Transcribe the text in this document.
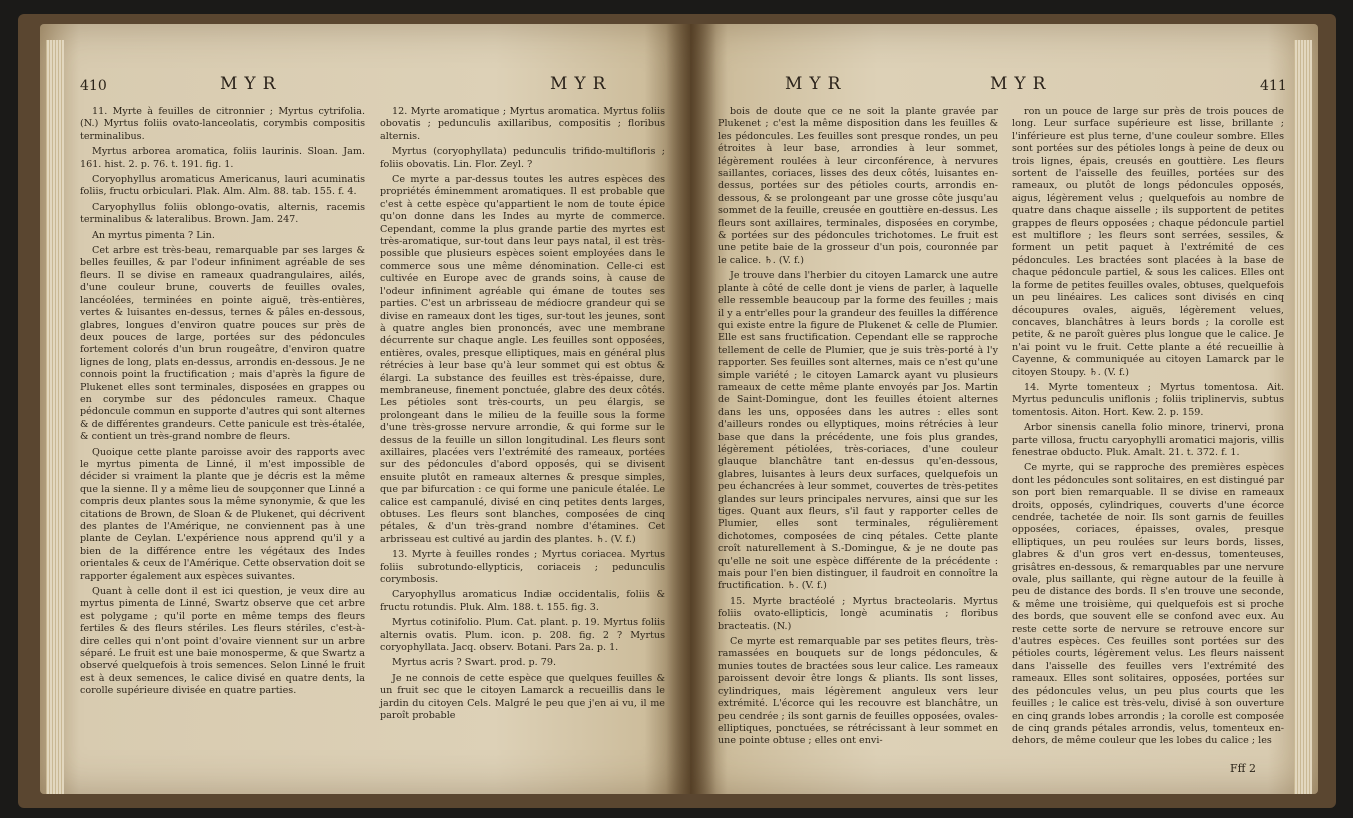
410	MYR	MYR

11. Myrte à feuilles de citronnier ; Myrtus cytrifolia. (N.) Myrtus foliis ovato-lanceolatis, corymbis compositis terminalibus.

Myrtus arborea aromatica, foliis laurinis. Sloan. Jam. 161. hist. 2. p. 76. t. 191. fig. 1.

Coryophyllus aromaticus Americanus, lauri acuminatis foliis, fructu orbiculari. Plak. Alm. Alm. 88. tab. 155. f. 4.

Caryophyllus foliis oblongo-ovatis, alternis, racemis terminalibus & lateralibus. Brown. Jam. 247.

An myrtus pimenta ? Lin.

Cet arbre est très-beau, remarquable par ses larges & belles feuilles, & par l'odeur infiniment agréable de ses fleurs. Il se divise en rameaux quadrangulaires, ailés, d'une couleur brune, couverts de feuilles ovales, lancéolées, terminées en pointe aiguë, très-entières, vertes & luisantes en-dessus, ternes & pâles en-dessous, glabres, longues d'environ quatre pouces sur près de deux pouces de large, portées sur des pédoncules fortement colorés d'un brun rougeâtre, d'environ quatre lignes de long, plats en-dessus, arrondis en-dessous. Je ne connois point la fructification ; mais d'après la figure de Plukenet elles sont terminales, disposées en grappes ou en corymbe sur des pédoncules rameux. Chaque pédoncule commun en supporte d'autres qui sont alternes & de différentes grandeurs. Cette panicule est très-étalée, & contient un très-grand nombre de fleurs.

Quoique cette plante paroisse avoir des rapports avec le myrtus pimenta de Linné, il m'est impossible de décider si vraiment la plante que je décris est la même que la sienne. Il y a même lieu de soupçonner que Linné a compris deux plantes sous la même synonymie, & que les citations de Brown, de Sloan & de Plukenet, qui décrivent des plantes de l'Amérique, ne conviennent pas à une plante de Ceylan. L'expérience nous apprend qu'il y a bien de la différence entre les végétaux des Indes orientales & ceux de l'Amérique. Cette observation doit se rapporter également aux espèces suivantes.

Quant à celle dont il est ici question, je veux dire au myrtus pimenta de Linné, Swartz observe que cet arbre est polygame ; qu'il porte en même temps des fleurs fertiles & des fleurs stériles. Les fleurs stériles, c'est-à-dire celles qui n'ont point d'ovaire viennent sur un arbre séparé. Le fruit est une baie monosperme, & que Swartz a observé quelquefois à trois semences. Selon Linné le fruit est à deux semences, le calice divisé en quatre dents, la corolle supérieure divisée en quatre parties.

12. Myrte aromatique ; Myrtus aromatica. Myrtus foliis obovatis ; pedunculis axillaribus, compositis ; floribus alternis.

Myrtus (coryophyllata) pedunculis trifido-multifloris ; foliis obovatis. Lin. Flor. Zeyl. ?

Ce myrte a par-dessus toutes les autres espèces des propriétés éminemment aromatiques. Il est probable que c'est à cette espèce qu'appartient le nom de toute épice qu'on donne dans les Indes au myrte de commerce. Cependant, comme la plus grande partie des myrtes est très-aromatique, sur-tout dans leur pays natal, il est très-possible que plusieurs espèces soient employées dans le commerce sous une même dénomination. Celle-ci est cultivée en Europe avec de grands soins, à cause de l'odeur infiniment agréable qui émane de toutes ses parties. C'est un arbrisseau de médiocre grandeur qui se divise en rameaux dont les tiges, sur-tout les jeunes, sont à quatre angles bien prononcés, avec une membrane décurrente sur chaque angle. Les feuilles sont opposées, entières, ovales, presque elliptiques, mais en général plus rétrécies à leur base qu'à leur sommet qui est obtus & élargi. La substance des feuilles est très-épaisse, dure, membraneuse, finement ponctuée, glabre des deux côtés. Les pétioles sont très-courts, un peu élargis, se prolongeant dans le milieu de la feuille sous la forme d'une très-grosse nervure arrondie, & qui forme sur le dessus de la feuille un sillon longitudinal. Les fleurs sont axillaires, placées vers l'extrémité des rameaux, portées sur des pédoncules d'abord opposés, qui se divisent ensuite plutôt en rameaux alternes & presque simples, que par bifurcation : ce qui forme une panicule étalée. Le calice est campanulé, divisé en cinq petites dents larges, obtuses. Les fleurs sont blanches, composées de cinq pétales, & d'un très-grand nombre d'étamines. Cet arbrisseau est cultivé au jardin des plantes. ♄. (V. f.)

13. Myrte à feuilles rondes ; Myrtus coriacea. Myrtus foliis subrotundo-ellypticis, coriaceis ; pedunculis corymbosis.

Caryophyllus aromaticus Indiæ occidentalis, foliis & fructu rotundis. Pluk. Alm. 188. t. 155. fig. 3.

Myrtus cotinifolio. Plum. Cat. plant. p. 19. Myrtus foliis alternis ovatis. Plum. icon. p. 208. fig. 2 ? Myrtus coryophyllata. Jacq. observ. Botani. Pars 2a. p. 1.

Myrtus acris ? Swart. prod. p. 79.

Je ne connois de cette espèce que quelques feuilles & un fruit sec que le citoyen Lamarck a recueillis dans le jardin du citoyen Cels. Malgré le peu que j'en ai vu, il me paroît probable

MYR	MYR	411

bois de doute que ce ne soit la plante gravée par Plukenet ; c'est la même disposition dans les feuilles & les pédoncules. Les feuilles sont presque rondes, un peu étroites à leur base, arrondies à leur sommet, légèrement roulées à leur circonférence, à nervures saillantes, coriaces, lisses des deux côtés, luisantes en-dessus, portées sur des pétioles courts, arrondis en-dessous, & se prolongeant par une grosse côte jusqu'au sommet de la feuille, creusée en gouttière en-dessus. Les fleurs sont axillaires, terminales, disposées en corymbe, & portées sur des pédoncules trichotomes. Le fruit est une petite baie de la grosseur d'un pois, couronnée par le calice. ♄. (V. f.)

Je trouve dans l'herbier du citoyen Lamarck une autre plante à côté de celle dont je viens de parler, à laquelle elle ressemble beaucoup par la forme des feuilles ; mais il y a entr'elles pour la grandeur des feuilles la différence qui existe entre la figure de Plukenet & celle de Plumier. Elle est sans fructification. Cependant elle se rapproche tellement de celle de Plumier, que je suis très-porté à l'y rapporter. Ses feuilles sont alternes, mais ce n'est qu'une simple variété ; le citoyen Lamarck ayant vu plusieurs rameaux de cette même plante envoyés par Jos. Martin de Saint-Domingue, dont les feuilles étoient alternes dans les uns, opposées dans les autres : elles sont d'ailleurs rondes ou ellyptiques, moins rétrécies à leur base que dans la précédente, une fois plus grandes, légèrement pétiolées, très-coriaces, d'une couleur glauque blanchâtre tant en-dessus qu'en-dessous, glabres, luisantes à leurs deux surfaces, quelquefois un peu échancrées à leur sommet, couvertes de très-petites glandes sur leurs principales nervures, ainsi que sur les tiges. Quant aux fleurs, s'il faut y rapporter celles de Plumier, elles sont terminales, régulièrement dichotomes, composées de cinq pétales. Cette plante croît naturellement à S.-Domingue, & je ne doute pas qu'elle ne soit une espèce différente de la précédente : mais pour l'en bien distinguer, il faudroit en connoître la fructification. ♄. (V. f.)

15. Myrte bractéolé ; Myrtus bracteolaris. Myrtus foliis ovato-ellipticis, longè acuminatis ; floribus bracteatis. (N.)

Ce myrte est remarquable par ses petites fleurs, très-ramassées en bouquets sur de longs pédoncules, & munies toutes de bractées sous leur calice. Les rameaux paroissent devoir être longs & pliants. Ils sont lisses, cylindriques, mais légèrement anguleux vers leur extrémité. L'écorce qui les recouvre est blanchâtre, un peu cendrée ; ils sont garnis de feuilles opposées, ovales-elliptiques, ponctuées, se rétrécissant à leur sommet en une pointe obtuse ; elles ont envi-

ron un pouce de large sur près de trois pouces de long. Leur surface supérieure est lisse, brillante ; l'inférieure est plus terne, d'une couleur sombre. Elles sont portées sur des pétioles longs à peine de deux ou trois lignes, épais, creusés en gouttière. Les fleurs sortent de l'aisselle des feuilles, portées sur des rameaux, ou plutôt de longs pédoncules opposés, aigus, légèrement velus ; quelquefois au nombre de quatre dans chaque aisselle ; ils supportent de petites grappes de fleurs opposées ; chaque pédoncule partiel est multiflore ; les fleurs sont serrées, sessiles, & forment un petit paquet à l'extrémité de ces pédoncules. Les bractées sont placées à la base de chaque pédoncule partiel, & sous les calices. Elles ont la forme de petites feuilles ovales, obtuses, quelquefois un peu linéaires. Les calices sont divisés en cinq découpures ovales, aiguës, légèrement velues, concaves, blanchâtres à leurs bords ; la corolle est petite, & ne paroît guères plus longue que le calice. Je n'ai point vu le fruit. Cette plante a été recueillie à Cayenne, & communiquée au citoyen Lamarck par le citoyen Stoupy. ♄. (V. f.)

14. Myrte tomenteux ; Myrtus tomentosa. Ait. Myrtus pedunculis uniflonis ; foliis triplinervis, subtus tomentosis. Aiton. Hort. Kew. 2. p. 159.

Arbor sinensis canella folio minore, trinervi, prona parte villosa, fructu caryophylli aromatici majoris, villis fenestrae obducto. Pluk. Amalt. 21. t. 372. f. 1.

Ce myrte, qui se rapproche des premières espèces dont les pédoncules sont solitaires, en est distingué par son port bien remarquable. Il se divise en rameaux droits, opposés, cylindriques, couverts d'une écorce cendrée, tachetée de noir. Ils sont garnis de feuilles opposées, coriaces, épaisses, ovales, presque elliptiques, un peu roulées sur leurs bords, lisses, glabres & d'un gros vert en-dessus, tomenteuses, grisâtres en-dessous, & remarquables par une nervure ovale, plus saillante, qui règne autour de la feuille à peu de distance des bords. Il s'en trouve une seconde, & même une troisième, qui quelquefois est si proche des bords, que souvent elle se confond avec eux. Au reste cette sorte de nervure se retrouve encore sur d'autres espèces. Ces feuilles sont portées sur des pétioles courts, légèrement velus. Les fleurs naissent dans l'aisselle des feuilles vers l'extrémité des rameaux. Elles sont solitaires, opposées, portées sur des pédoncules velus, un peu plus courts que les feuilles ; le calice est très-velu, divisé à son ouverture en cinq grands lobes arrondis ; la corolle est composée de cinq grands pétales arrondis, velus, tomenteux en-dehors, de même couleur que les lobes du calice ; les

Fff 2
